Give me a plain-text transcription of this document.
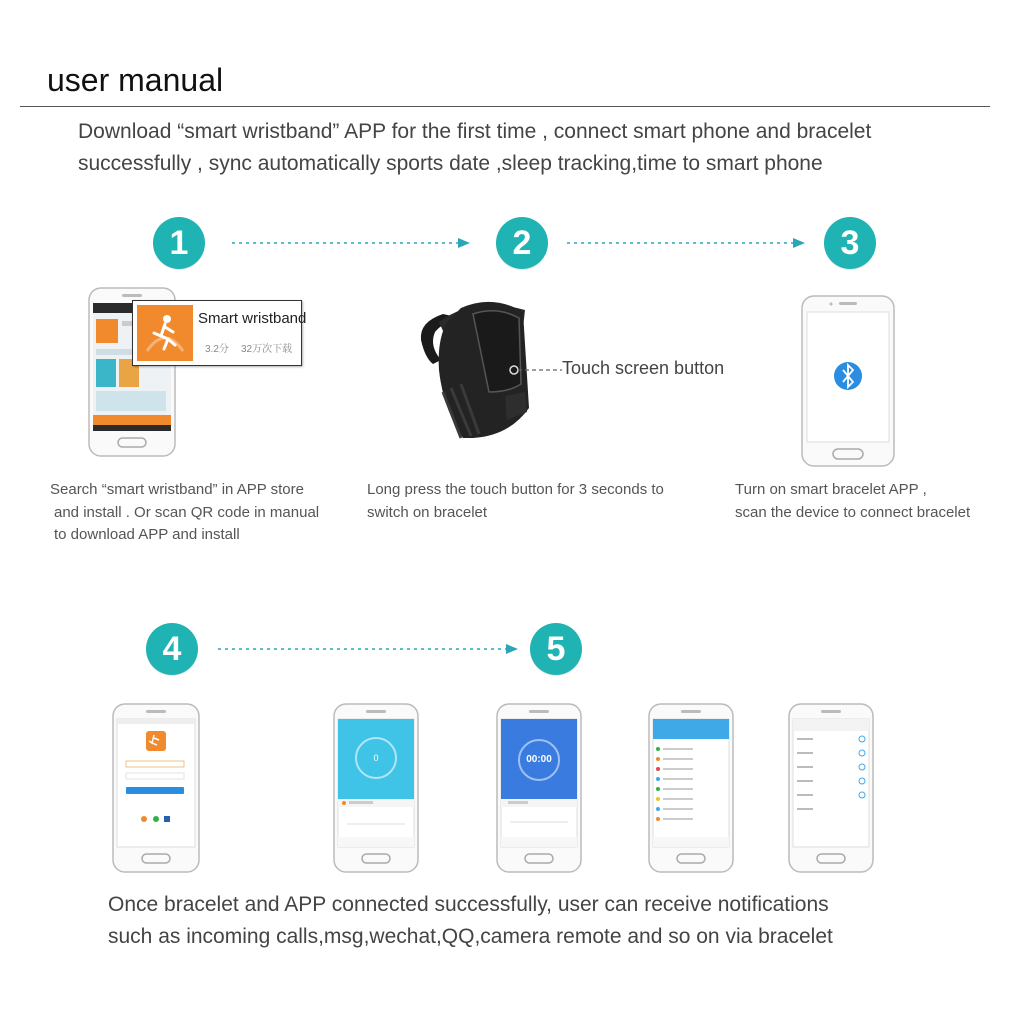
user manual
Download “smart wristband” APP for the first time , connect smart phone and bracelet
successfully , sync automatically sports date ,sleep tracking,time to smart phone
1	2	3
4	5
Smart wristband
3.2分 32万次下载
Touch screen button
Search “smart wristband” in APP store
and install . Or scan QR code in manual
to download APP and install
Long press the touch button for 3 seconds to
switch on bracelet
Turn on smart bracelet APP ,
scan the device to connect bracelet
0	00:00
Once bracelet and APP connected successfully, user can receive notifications
such as incoming calls,msg,wechat,QQ,camera remote and so on via bracelet
